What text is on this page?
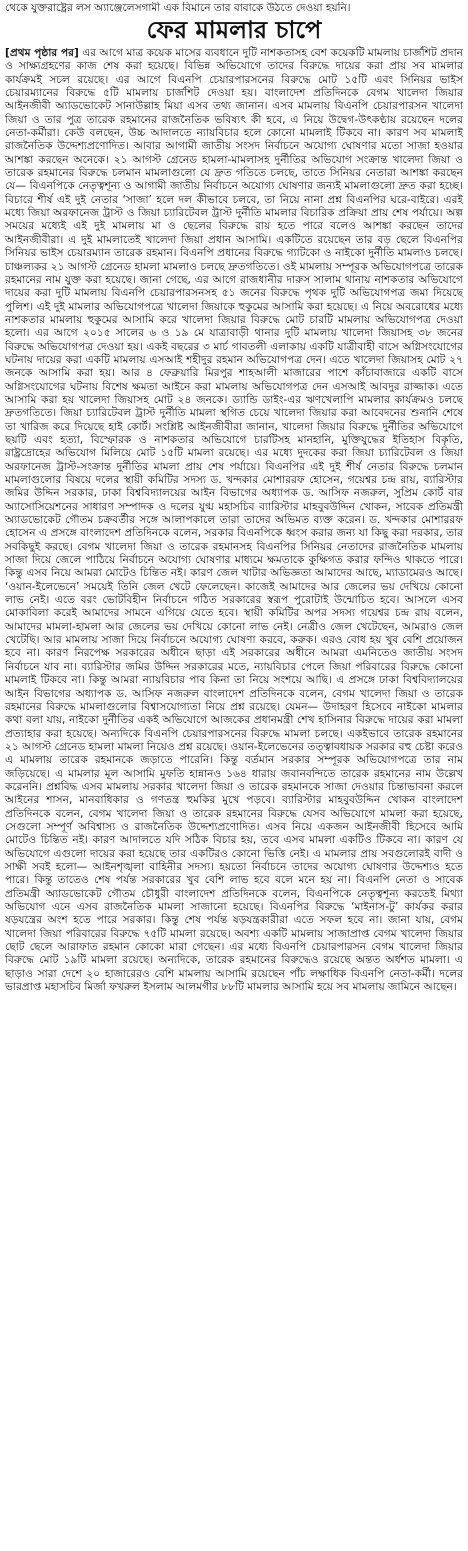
থেকে যুক্তরাষ্ট্রের লস অ্যাঞ্জেলেসগামী এক বিমানে তার বাবাকে উঠতে দেওয়া হয়নি।
ফের মামলার চাপে

[প্রথম পৃষ্ঠার পর] এর আগে মাত্র কয়েক মাসের ব্যবধানে দুটি নাশকতাসহ বেশ কয়েকটি মামলায় চার্জশিট প্রদান ও সাক্ষ্যগ্রহণের কাজ শেষ করা হয়েছে। বিভিন্ন অভিযোগে তাদের বিরুদ্ধে দায়ের করা প্রায় সব মামলার কার্যক্রমই সচল রয়েছে। এর আগে বিএনপি চেয়ারপারসনের বিরুদ্ধে মোট ১৫টি এবং সিনিয়র ভাইস চেয়ারম্যানের বিরুদ্ধে ৫টি মামলায় চার্জশিট দেওয়া হয়। বাংলাদেশ প্রতিদিনকে বেগম খালেদা জিয়ার আইনজীবী অ্যাডভোকেট সানাউল্লাহ মিয়া এসব তথ্য জানান। এসব মামলায় বিএনপি চেয়ারপারসন খালেদা জিয়া ও তার পুত্র তারেক রহমানের রাজনৈতিক ভবিষ্যৎ কী হবে, এ নিয়ে উদ্বেগ-উৎকণ্ঠায় রয়েছেন দলের নেতা-কর্মীরা। কেউ বলছেন, উচ্চ আদালতে ন্যায়বিচার হলে কোনো মামলাই টিকবে না। কারণ সব মামলাই রাজনৈতিক উদ্দেশ্যপ্রণোদিত। আবার আগামী জাতীয় সংসদ নির্বাচনে অযোগ্য ঘোষণার মতো সাজা হওয়ার আশঙ্কা করছেন অনেকে। ২১ আগস্ট গ্রেনেড হামলা-মামলাসহ দুর্নীতির অভিযোগ সংক্রান্ত খালেদা জিয়া ও তারেক রহমানের বিরুদ্ধে চলমান মামলাগুলো যে দ্রুত গতিতে চলছে, তাতে সিনিয়র নেতারা আশঙ্কা করছেন যে— বিএনপিকে নেতৃত্বশূন্য ও আগামী জাতীয় নির্বাচনে অযোগ্য ঘোষণার জন্যই মামলাগুলো দ্রুত করা হচ্ছে। বিচারে শীর্ষ এই দুই নেতার ‘সাজা’ হলে দল কীভাবে চলবে, তা নিয়ে নানা প্রশ্ন বিএনপির ঘরে-বাইরে। এরই মধ্যে জিয়া অরফানেজ ট্রাস্ট ও জিয়া চ্যারিটেবল ট্রাস্ট দুর্নীতি মামলার বিচারিক প্রক্রিয়া প্রায় শেষ পর্যায়ে। অল্প সময়ের মধ্যেই এই দুই মামলায় মা ও ছেলের বিরুদ্ধে রায় হতে পারে বলেও আশঙ্কা করছেন তাদের আইনজীবীরা। এ দুই মামলাতেই খালেদা জিয়া প্রধান আসামি। একটিতে রয়েছেন তার বড় ছেলে বিএনপির সিনিয়র ভাইস চেয়ারম্যান তারেক রহমান। বিএনপি প্রধানের বিরুদ্ধে গ্যাটকো ও নাইকো দুর্নীতি মামলাও চলছে। চাঞ্চল্যকর ২১ আগস্ট গ্রেনেড হামলা মামলাও চলছে দ্রুতগতিতে। ওই মামলায় সম্পূরক অভিযোগপত্রে তারেক রহমানের নাম যুক্ত করা হয়েছে। জানা গেছে, এর আগে রাজধানীর দারুস সালাম থানায় নাশকতার অভিযোগে দায়ের করা দুটি মামলায় বিএনপি চেয়ারপারসনসহ ৫১ জনের বিরুদ্ধে পৃথক দুটি অভিযোগপত্র জমা দিয়েছে পুলিশ। এই দুই মামলার অভিযোগপত্রে খালেদা জিয়াকে হুকুমের আসামি করা হয়েছে। এ নিয়ে অবরোধের মধ্যে নাশকতার মামলায় হুকুমের আসামি করে খালেদা জিয়ার বিরুদ্ধে মোট চারটি মামলায় অভিযোগপত্র দেওয়া হলো। এর আগে ২০১৫ সালের ৬ ও ১৯ মে যাত্রাবাড়ী থানার দুটি মামলায় খালেদা জিয়াসহ ৩৮ জনের বিরুদ্ধে অভিযোগপত্র দেওয়া হয়। একই বছরের ৩ মার্চ গাবতলী এলাকায় একটি যাত্রীবাহী বাসে অগ্নিসংযোগের ঘটনায় দায়ের করা একটি মামলায় এসআই শহীদুর রহমান অভিযোগপত্র দেন। এতে খালেদা জিয়াসহ মোট ২৭ জনকে আসামি করা হয়। আর ৪ ফেব্রুয়ারি মিরপুর শাহআলী মাজারের পাশে কাঁচাবাজারে একটি বাসে অগ্নিসংযোগের ঘটনায় বিশেষ ক্ষমতা আইনে করা মামলায় অভিযোগপত্র দেন এসআই আবদুর রাজ্জাক। এতে আসামি করা হয় খালেদা জিয়াসহ মোট ২৪ জনকে। ড্যান্ডি ডাইং-এর ঋণখেলাপি মামলার কার্যক্রমও চলছে দ্রুতগতিতে। জিয়া চ্যারিটেবল ট্রাস্ট দুর্নীতি মামলা স্থগিত চেয়ে খালেদা জিয়ার করা আবেদনের শুনানি শেষে তা খারিজ করে দিয়েছে হাই কোর্ট। সংশ্লিষ্ট আইনজীবীরা জানান, খালেদা জিয়ার বিরুদ্ধে দুর্নীতির অভিযোগে ছয়টি এবং হত্যা, বিস্ফোরক ও নাশকতার অভিযোগে চারটিসহ মানহানি, মুক্তিযুদ্ধের ইতিহাস বিকৃতি, রাষ্ট্রদ্রোহের অভিযোগ মিলিয়ে মোট ১৫টি মামলা রয়েছে। এর মধ্যে দুদকের করা জিয়া চ্যারিটেবল ও জিয়া অরফানেজ ট্রাস্ট-সংক্রান্ত দুর্নীতির মামলা প্রায় শেষ পর্যায়ে। বিএনপির এই দুই শীর্ষ নেতার বিরুদ্ধে চলমান মামলাগুলোর বিষয়ে দলের স্থায়ী কমিটির সদস্য ড. খন্দকার মোশাররফ হোসেন, গয়েশ্বর চন্দ্র রায়, ব্যারিস্টার জমির উদ্দিন সরকার, ঢাকা বিশ্ববিদ্যালয়ের আইন বিভাগের অধ্যাপক ড. আসিফ নজরুল, সুপ্রিম কোর্ট বার অ্যাসোসিয়েশনের সাধারণ সম্পাদক ও দলের যুগ্ম মহাসচিব ব্যারিস্টার মাহবুবউদ্দিন খোকন, সাবেক প্রতিমন্ত্রী অ্যাডভোকেট গৌতম চক্রবর্তীর সঙ্গে আলাপকালে তারা তাদের অভিমত ব্যক্ত করেন। ড. খন্দকার মোশাররফ হোসেন এ প্রসঙ্গে বাংলাদেশ প্রতিদিনকে বলেন, সরকার বিএনপিকে ধ্বংস করার জন্য যা কিছু করা দরকার, তার সবকিছুই করছে। বেগম খালেদা জিয়া ও তারেক রহমানসহ বিএনপির সিনিয়র নেতাদের রাজনৈতিক মামলায় সাজা দিয়ে জেলে পাঠিয়ে নির্বাচনে অযোগ্য ঘোষণার মাধ্যমে ক্ষমতাকে কুক্ষিগত করার ফন্দিও থাকতে পারে। কিন্তু এসব নিয়ে আমরা মোটেও চিন্তিত নই। কারণ জেল খাটার অভিজ্ঞতা আমাদের আছে, ম্যাডামেরও আছে। ‘ওয়ান-ইলেভেনে’ সময়েই তিনি জেল খেটে ফেলেছেন। কাজেই আমাদের আর জেলের ভয় দেখিয়ে কোনো লাভ নেই। এতে বরং ভোটবিহীন নির্বাচনে গঠিত সরকারের স্বরূপ পুরোটাই উন্মোচিত হবে। আসলে এসব মোকাবিলা করেই আমাদের সামনে এগিয়ে যেতে হবে। স্থায়ী কমিটির অপর সদস্য গয়েশ্বর চন্দ্র রায় বলেন, আমাদের মামলা-হামলা আর জেলের ভয় দেখিয়ে কোনো লাভ নেই। নেত্রীও জেল খেটেছেন, আমরাও জেল খেটেছি। আর মামলায় সাজা দিয়ে নির্বাচনে অযোগ্য ঘোষণা করবে, করুক। এরও বোধ হয় খুব বেশি প্রয়োজন হবে না। কারণ নিরপেক্ষ সরকারের অধীনে ছাড়া এই সরকারের অধীনে আমরা এমনিতেও জাতীয় সংসদ নির্বাচনে যাব না। ব্যারিস্টার জমির উদ্দিন সরকারের মতে, ন্যায়বিচার পেলে জিয়া পরিবারের বিরুদ্ধে কোনো মামলাই টিকবে না। কিন্তু আমরা ন্যায়বিচার পাব কিনা তা নিয়ে সংশয়ে আছি। এ প্রসঙ্গে ঢাকা বিশ্ববিদ্যালয়ের আইন বিভাগের অধ্যাপক ড. আসিফ নজরুল বাংলাদেশ প্রতিদিনকে বলেন, বেগম খালেদা জিয়া ও তারেক রহমানের বিরুদ্ধে মামলাগুলোর বিশ্বাসযোগ্যতা নিয়ে প্রশ্ন রয়েছে। যেমন— উদাহরণ হিসেবে নাইকো মামলার কথা বলা যায়, নাইকো দুর্নীতির একই অভিযোগে আজকের প্রধানমন্ত্রী শেখ হাসিনার বিরুদ্ধে দায়ের করা মামলা প্রত্যাহার করা হয়েছে। অন্যদিকে বিএনপি চেয়ারপারসনের বিরুদ্ধে মামলা চলছে। একইভাবে তারেক রহমানের ২১ আগস্ট গ্রেনেড হামলা মামলা নিয়েও প্রশ্ন রয়েছে। ওয়ান-ইলেভেনের তত্ত্বাবধায়ক সরকার বহু চেষ্টা করেও এ মামলায় তারেক রহমানকে জড়াতে পারেনি। কিন্তু বর্তমান সরকার সম্পূরক অভিযোগপত্রে তার নাম জড়িয়েছে। এ মামলার মূল আসামি মুফতি হান্নানও ১৬৪ ধারায় জবানবন্দিতে তারেক রহমানের নাম উল্লেখ করেননি। প্রশ্নবিদ্ধ এসব মামলায় সরকার খালেদা জিয়া ও তারেক রহমানকে সাজা দেওয়ার চিন্তাভাবনা করলে আইনের শাসন, মানবাধিকার ও গণতন্ত্র হুমকির মুখে পড়বে। ব্যারিস্টার মাহবুবউদ্দিন খোকন বাংলাদেশ প্রতিদিনকে বলেন, বেগম খালেদা জিয়া ও তারেক রহমানের বিরুদ্ধে যেসব অভিযোগে মামলা করা হয়েছে, সেগুলো সম্পূর্ণ অবিশ্বাস্য ও রাজনৈতিক উদ্দেশ্যপ্রণোদিত। এসব নিয়ে একজন আইনজীবী হিসেবে আমি মোটেও চিন্তিত নই। কারণ আদালতে যদি সঠিক বিচার হয়, তবে এসব মামলা একটিও টিকবে না। কারণ যে অভিযোগে এগুলো দায়ের করা হয়েছে তার একটিরও কোনো ভিত্তি নেই। এ মামলার প্রায় সবগুলোরই বাদী ও সাক্ষী সবই হলো— আইনশৃঙ্খলা বাহিনীর সদস্য। হয়তো নির্বাচনে তাদের অযোগ্য ঘোষণার উদ্দেশ্যও হতে পারে। কিন্তু তাতেও শেষ পর্যন্ত সরকারের খুব বেশি লাভ হবে বলে মনে হয় না। বিএনপি নেতা ও সাবেক প্রতিমন্ত্রী অ্যাডভোকেট গৌতম চৌধুরী বাংলাদেশ প্রতিদিনকে বলেন, বিএনপিকে নেতৃত্বশূন্য করতেই মিথ্যা অভিযোগ এনে এসব রাজনৈতিক মামলা সাজানো হয়েছে। বিএনপির বিরুদ্ধে ‘মাইনাস-টু’ কার্যকর করার ষড়যন্ত্রের অংশ হতে পারে সরকার। কিন্তু শেষ পর্যন্ত ষড়যন্ত্রকারীরা এতে সফল হবে না। জানা যায়, বেগম খালেদা জিয়া পরিবারের বিরুদ্ধে ৭৫টি মামলা রয়েছে। অবশ্য একটি মামলায় সাজাপ্রাপ্ত বেগম খালেদা জিয়ার ছোট ছেলে আরাফাত রহমান কোকো মারা গেছেন। এর মধ্যে বিএনপি চেয়ারপারসন বেগম খালেদা জিয়ার বিরুদ্ধে মোট ১৯টি মামলা রয়েছে। অন্যদিকে, তারেক রহমানের বিরুদ্ধেও রয়েছে অন্তত অর্ধশত মামলা। এ ছাড়াও সারা দেশে ২০ হাজারেরও বেশি মামলায় আসামি রয়েছেন পাঁচ লক্ষাধিক বিএনপি নেতা-কর্মী। দলের ভারপ্রাপ্ত মহাসচিব মির্জা ফখরুল ইসলাম আলমগীর ৮৮টি মামলার আসামি হয়ে সব মামলায় জামিনে আছেন।
